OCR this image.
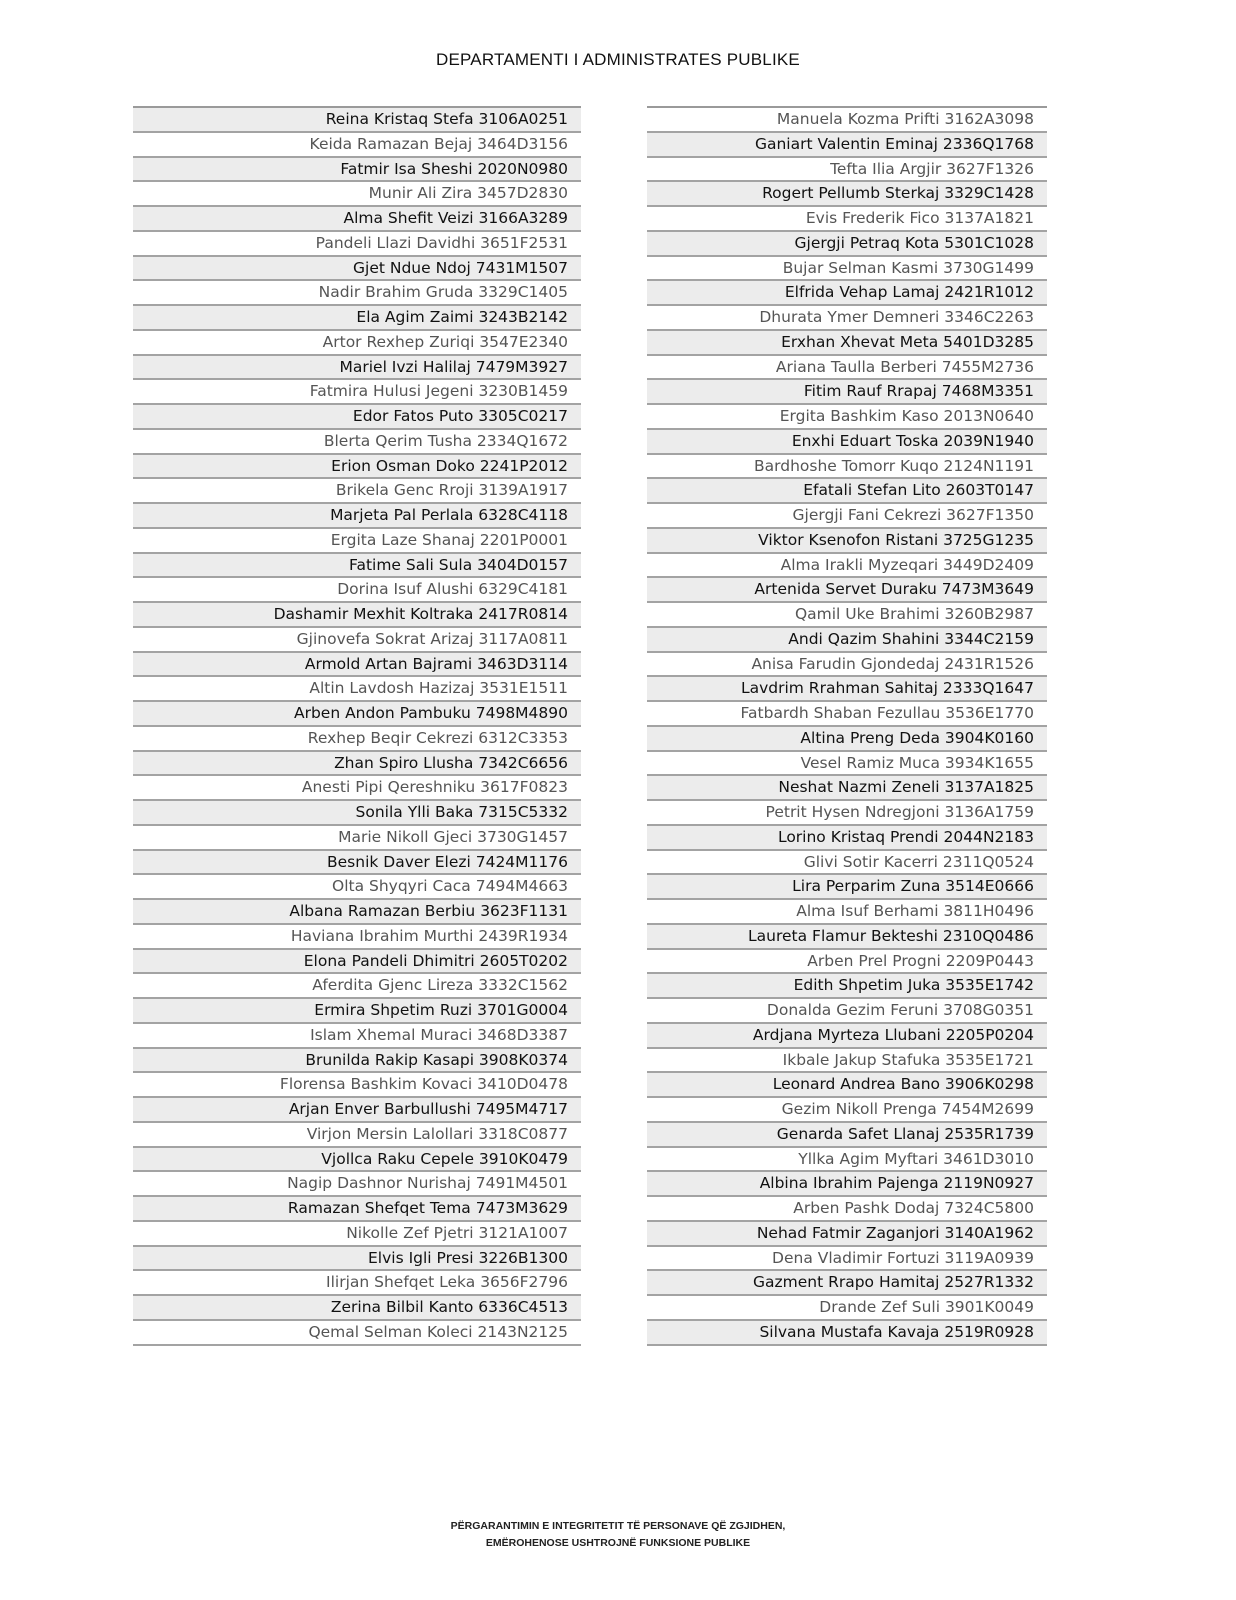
DEPARTAMENTI I ADMINISTRATES PUBLIKE
Reina Kristaq Stefa 3106A0251
Keida Ramazan Bejaj 3464D3156
Fatmir Isa Sheshi 2020N0980
Munir Ali Zira 3457D2830
Alma Shefit Veizi 3166A3289
Pandeli Llazi Davidhi 3651F2531
Gjet Ndue Ndoj 7431M1507
Nadir Brahim Gruda 3329C1405
Ela Agim Zaimi 3243B2142
Artor Rexhep Zuriqi 3547E2340
Mariel Ivzi Halilaj 7479M3927
Fatmira Hulusi Jegeni 3230B1459
Edor Fatos Puto 3305C0217
Blerta Qerim Tusha 2334Q1672
Erion Osman Doko 2241P2012
Brikela Genc Rroji 3139A1917
Marjeta Pal Perlala 6328C4118
Ergita Laze Shanaj 2201P0001
Fatime Sali Sula 3404D0157
Dorina Isuf Alushi 6329C4181
Dashamir Mexhit Koltraka 2417R0814
Gjinovefa Sokrat Arizaj 3117A0811
Armold Artan Bajrami 3463D3114
Altin Lavdosh Hazizaj 3531E1511
Arben Andon Pambuku 7498M4890
Rexhep Beqir Cekrezi 6312C3353
Zhan Spiro Llusha 7342C6656
Anesti Pipi Qereshniku 3617F0823
Sonila Ylli Baka 7315C5332
Marie Nikoll Gjeci 3730G1457
Besnik Daver Elezi 7424M1176
Olta Shyqyri Caca 7494M4663
Albana Ramazan Berbiu 3623F1131
Haviana Ibrahim Murthi 2439R1934
Elona Pandeli Dhimitri 2605T0202
Aferdita Gjenc Lireza 3332C1562
Ermira Shpetim Ruzi 3701G0004
Islam Xhemal Muraci 3468D3387
Brunilda Rakip Kasapi 3908K0374
Florensa Bashkim Kovaci 3410D0478
Arjan Enver Barbullushi 7495M4717
Virjon Mersin Lalollari 3318C0877
Vjollca Raku Cepele 3910K0479
Nagip Dashnor Nurishaj 7491M4501
Ramazan Shefqet Tema 7473M3629
Nikolle Zef Pjetri 3121A1007
Elvis Igli Presi 3226B1300
Ilirjan Shefqet Leka 3656F2796
Zerina Bilbil Kanto 6336C4513
Qemal Selman Koleci 2143N2125
Manuela Kozma Prifti 3162A3098
Ganiart Valentin Eminaj 2336Q1768
Tefta Ilia Argjir 3627F1326
Rogert Pellumb Sterkaj 3329C1428
Evis Frederik Fico 3137A1821
Gjergji Petraq Kota 5301C1028
Bujar Selman Kasmi 3730G1499
Elfrida Vehap Lamaj 2421R1012
Dhurata Ymer Demneri 3346C2263
Erxhan Xhevat Meta 5401D3285
Ariana Taulla Berberi 7455M2736
Fitim Rauf Rrapaj 7468M3351
Ergita Bashkim Kaso 2013N0640
Enxhi Eduart Toska 2039N1940
Bardhoshe Tomorr Kuqo 2124N1191
Efatali Stefan Lito 2603T0147
Gjergji Fani Cekrezi 3627F1350
Viktor Ksenofon Ristani 3725G1235
Alma Irakli Myzeqari 3449D2409
Artenida Servet Duraku 7473M3649
Qamil Uke Brahimi 3260B2987
Andi Qazim Shahini 3344C2159
Anisa Farudin Gjondedaj 2431R1526
Lavdrim Rrahman Sahitaj 2333Q1647
Fatbardh Shaban Fezullau 3536E1770
Altina Preng Deda 3904K0160
Vesel Ramiz Muca 3934K1655
Neshat Nazmi Zeneli 3137A1825
Petrit Hysen Ndregjoni 3136A1759
Lorino Kristaq Prendi 2044N2183
Glivi Sotir Kacerri 2311Q0524
Lira Perparim Zuna 3514E0666
Alma Isuf Berhami 3811H0496
Laureta Flamur Bekteshi 2310Q0486
Arben Prel Progni 2209P0443
Edith Shpetim Juka 3535E1742
Donalda Gezim Feruni 3708G0351
Ardjana Myrteza Llubani 2205P0204
Ikbale Jakup Stafuka 3535E1721
Leonard Andrea Bano 3906K0298
Gezim Nikoll Prenga 7454M2699
Genarda Safet Llanaj 2535R1739
Yllka Agim Myftari 3461D3010
Albina Ibrahim Pajenga 2119N0927
Arben Pashk Dodaj 7324C5800
Nehad Fatmir Zaganjori 3140A1962
Dena Vladimir Fortuzi 3119A0939
Gazment Rrapo Hamitaj 2527R1332
Drande Zef Suli 3901K0049
Silvana Mustafa Kavaja 2519R0928
PËRGARANTIMIN E INTEGRITETIT TË PERSONAVE QË ZGJIDHEN,
EMËROHENOSE USHTROJNË FUNKSIONE PUBLIKE
